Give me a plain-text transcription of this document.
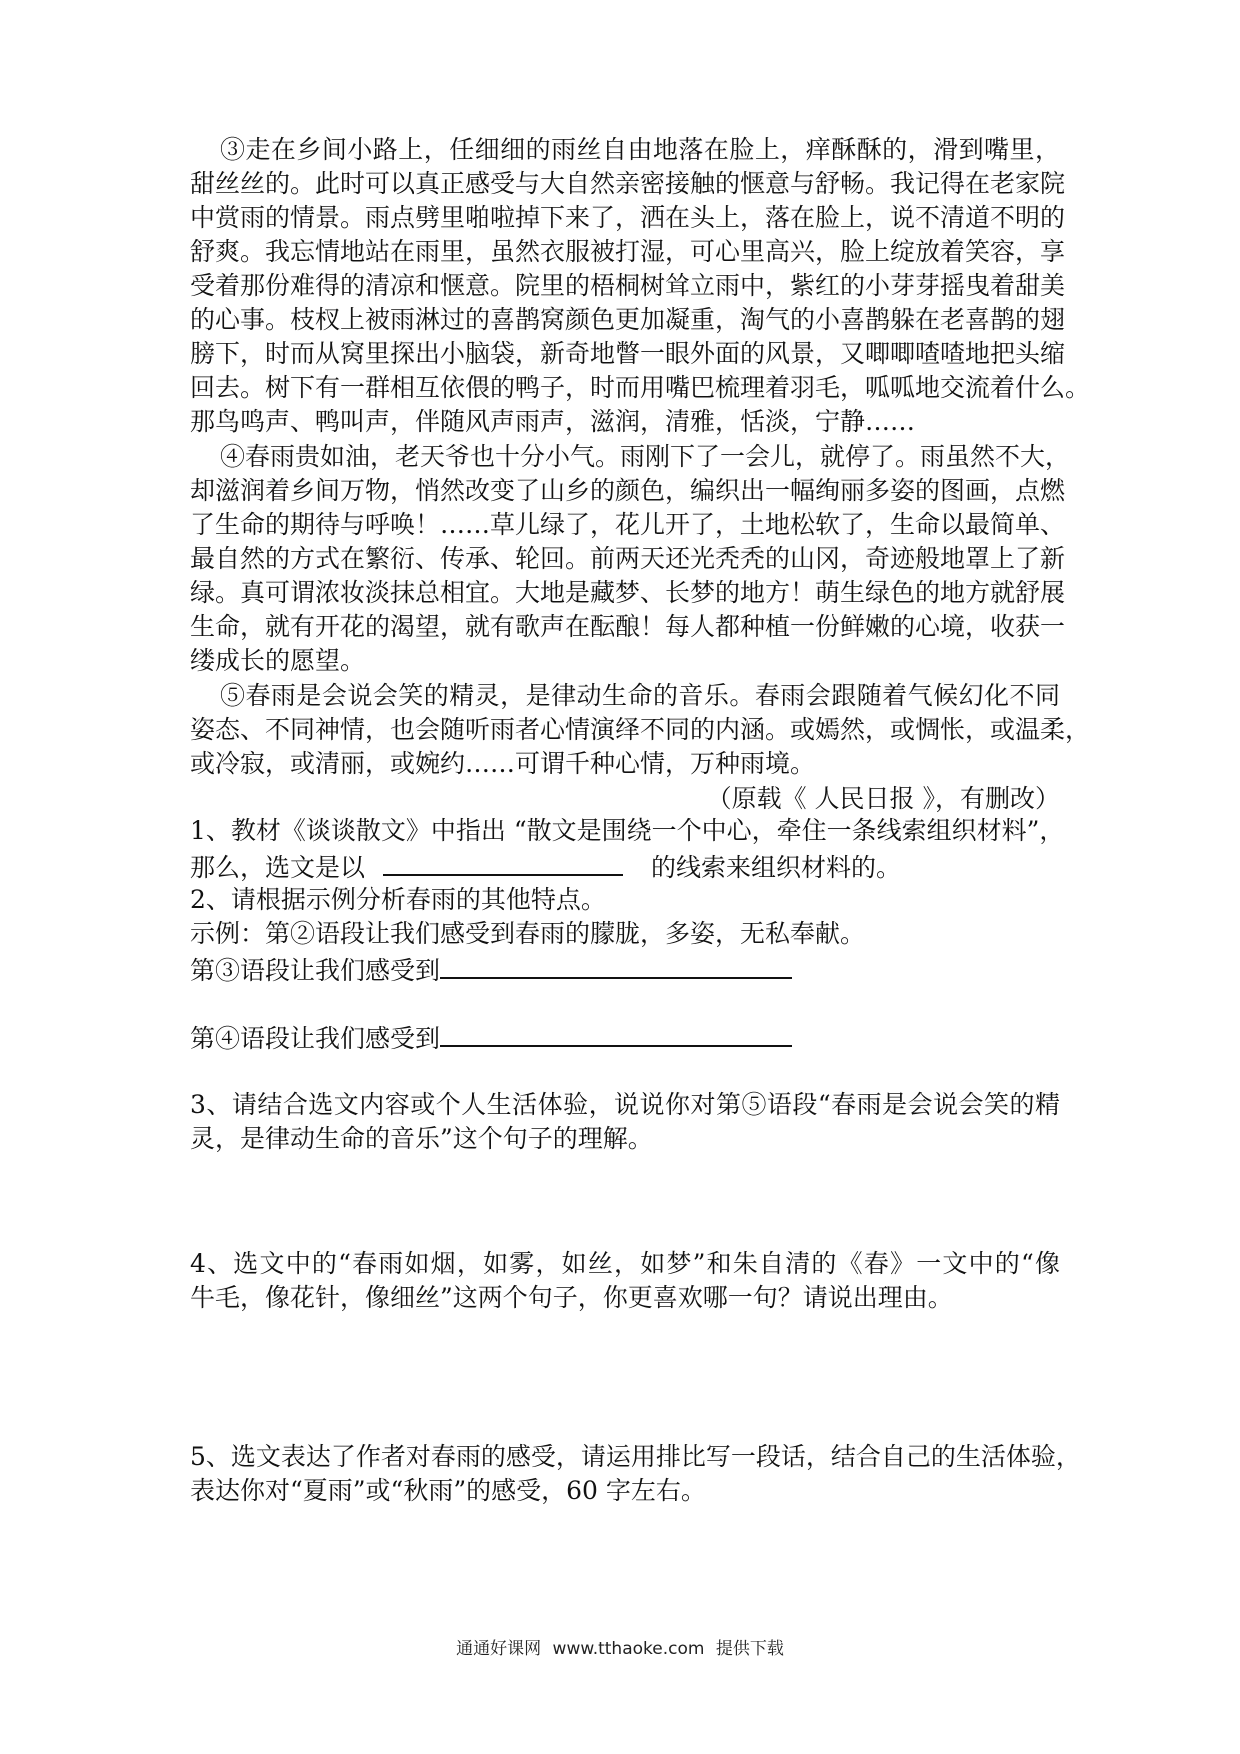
③走在乡间小路上，任细细的雨丝自由地落在脸上，痒酥酥的，滑到嘴里，
甜丝丝的。此时可以真正感受与大自然亲密接触的惬意与舒畅。我记得在老家院
中赏雨的情景。雨点劈里啪啦掉下来了，洒在头上，落在脸上，说不清道不明的
舒爽。我忘情地站在雨里，虽然衣服被打湿，可心里高兴，脸上绽放着笑容，享
受着那份难得的清凉和惬意。院里的梧桐树耸立雨中，紫红的小芽芽摇曳着甜美
的心事。枝杈上被雨淋过的喜鹊窝颜色更加凝重，淘气的小喜鹊躲在老喜鹊的翅
膀下，时而从窝里探出小脑袋，新奇地瞥一眼外面的风景，又唧唧喳喳地把头缩
回去。树下有一群相互依偎的鸭子，时而用嘴巴梳理着羽毛，呱呱地交流着什么。
那鸟鸣声、鸭叫声，伴随风声雨声，滋润，清雅，恬淡，宁静……
④春雨贵如油，老天爷也十分小气。雨刚下了一会儿，就停了。雨虽然不大，
却滋润着乡间万物，悄然改变了山乡的颜色，编织出一幅绚丽多姿的图画，点燃
了生命的期待与呼唤！……草儿绿了，花儿开了，土地松软了，生命以最简单、
最自然的方式在繁衍、传承、轮回。前两天还光秃秃的山冈，奇迹般地罩上了新
绿。真可谓浓妆淡抹总相宜。大地是藏梦、长梦的地方！萌生绿色的地方就舒展
生命，就有开花的渴望，就有歌声在酝酿！每人都种植一份鲜嫩的心境，收获一
缕成长的愿望。
⑤春雨是会说会笑的精灵，是律动生命的音乐。春雨会跟随着气候幻化不同
姿态、不同神情，也会随听雨者心情演绎不同的内涵。或嫣然，或惆怅，或温柔，
或冷寂，或清丽，或婉约……可谓千种心情，万种雨境。
（原载《 人民日报 》，有删改）
1、教材《谈谈散文》中指出 “散文是围绕一个中心，牵住一条线索组织材料”，
那么，选文是以	的线索来组织材料的。
2、请根据示例分析春雨的其他特点。
示例：第②语段让我们感受到春雨的朦胧，多姿，无私奉献。
第③语段让我们感受到
第④语段让我们感受到
3、请结合选文内容或个人生活体验，说说你对第⑤语段“春雨是会说会笑的精
灵，是律动生命的音乐”这个句子的理解。
4、选文中的“春雨如烟，如雾，如丝，如梦”和朱自清的《春》一文中的“像
牛毛，像花针，像细丝”这两个句子，你更喜欢哪一句？请说出理由。
5、选文表达了作者对春雨的感受，请运用排比写一段话，结合自己的生活体验，
表达你对“夏雨”或“秋雨”的感受，60 字左右。
通通好课网 www.tthaoke.com 提供下载
